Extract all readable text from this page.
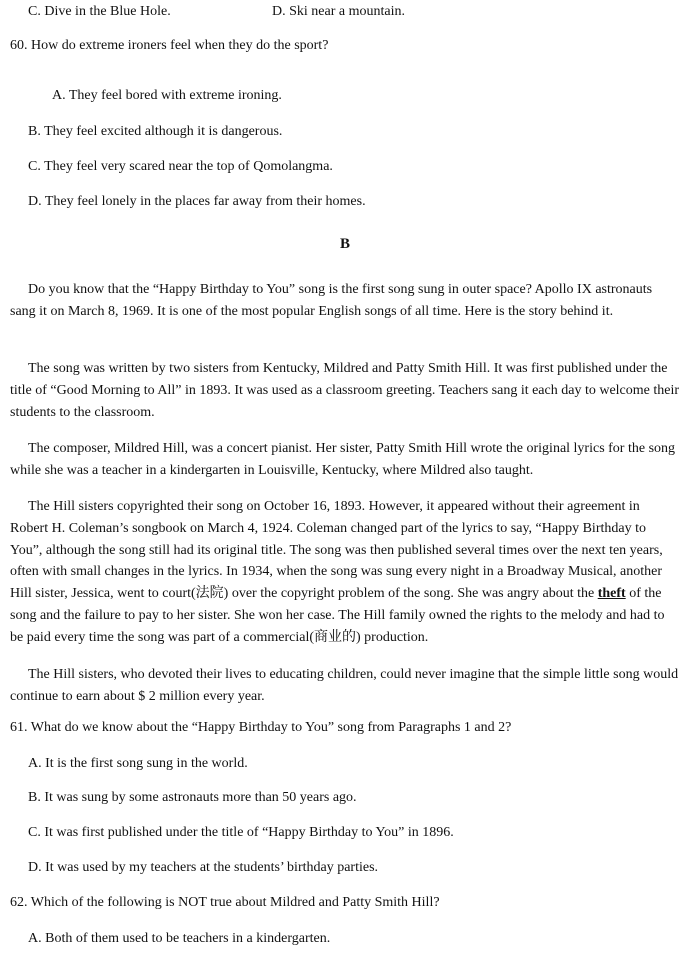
C. Dive in the Blue Hole.	D. Ski near a mountain.
60. How do extreme ironers feel when they do the sport?
A. They feel bored with extreme ironing.
B. They feel excited although it is dangerous.
C. They feel very scared near the top of Qomolangma.
D. They feel lonely in the places far away from their homes.
B
Do you know that the “Happy Birthday to You” song is the first song sung in outer space? Apollo IX astronauts sang it on March 8, 1969. It is one of the most popular English songs of all time. Here is the story behind it.
The song was written by two sisters from Kentucky, Mildred and Patty Smith Hill. It was first published under the title of “Good Morning to All” in 1893. It was used as a classroom greeting. Teachers sang it each day to welcome their students to the classroom.
The composer, Mildred Hill, was a concert pianist. Her sister, Patty Smith Hill wrote the original lyrics for the song while she was a teacher in a kindergarten in Louisville, Kentucky, where Mildred also taught.
The Hill sisters copyrighted their song on October 16, 1893. However, it appeared without their agreement in Robert H. Coleman’s songbook on March 4, 1924. Coleman changed part of the lyrics to say, “Happy Birthday to You”, although the song still had its original title. The song was then published several times over the next ten years, often with small changes in the lyrics. In 1934, when the song was sung every night in a Broadway Musical, another Hill sister, Jessica, went to court(法院) over the copyright problem of the song. She was angry about the theft of the song and the failure to pay to her sister. She won her case. The Hill family owned the rights to the melody and had to be paid every time the song was part of a commercial(商业的) production.
The Hill sisters, who devoted their lives to educating children, could never imagine that the simple little song would continue to earn about $ 2 million every year.
61. What do we know about the “Happy Birthday to You” song from Paragraphs 1 and 2?
A. It is the first song sung in the world.
B. It was sung by some astronauts more than 50 years ago.
C. It was first published under the title of “Happy Birthday to You” in 1896.
D. It was used by my teachers at the students’ birthday parties.
62. Which of the following is NOT true about Mildred and Patty Smith Hill?
A. Both of them used to be teachers in a kindergarten.
